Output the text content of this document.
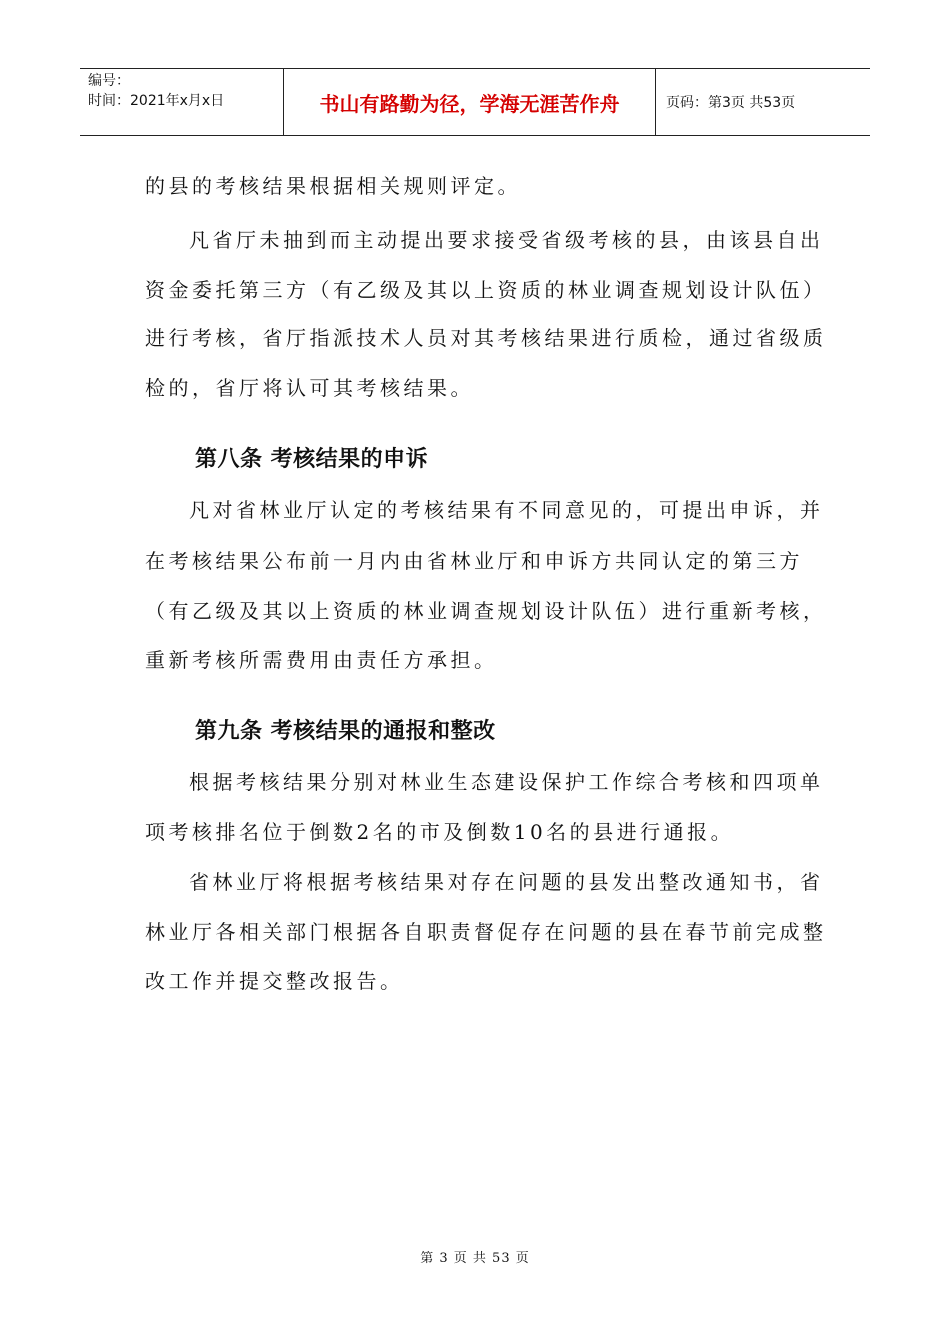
编号：
时间：2021年x月x日	书山有路勤为径，学海无涯苦作舟	页码：第3页 共53页
的县的考核结果根据相关规则评定。
凡省厅未抽到而主动提出要求接受省级考核的县，由该县自出
资金委托第三方（有乙级及其以上资质的林业调查规划设计队伍）
进行考核，省厅指派技术人员对其考核结果进行质检，通过省级质
检的，省厅将认可其考核结果。
第八条 考核结果的申诉
凡对省林业厅认定的考核结果有不同意见的，可提出申诉，并
在考核结果公布前一月内由省林业厅和申诉方共同认定的第三方
（有乙级及其以上资质的林业调查规划设计队伍）进行重新考核，
重新考核所需费用由责任方承担。
第九条 考核结果的通报和整改
根据考核结果分别对林业生态建设保护工作综合考核和四项单
项考核排名位于倒数2名的市及倒数10名的县进行通报。
省林业厅将根据考核结果对存在问题的县发出整改通知书，省
林业厅各相关部门根据各自职责督促存在问题的县在春节前完成整
改工作并提交整改报告。
第 3 页 共 53 页
